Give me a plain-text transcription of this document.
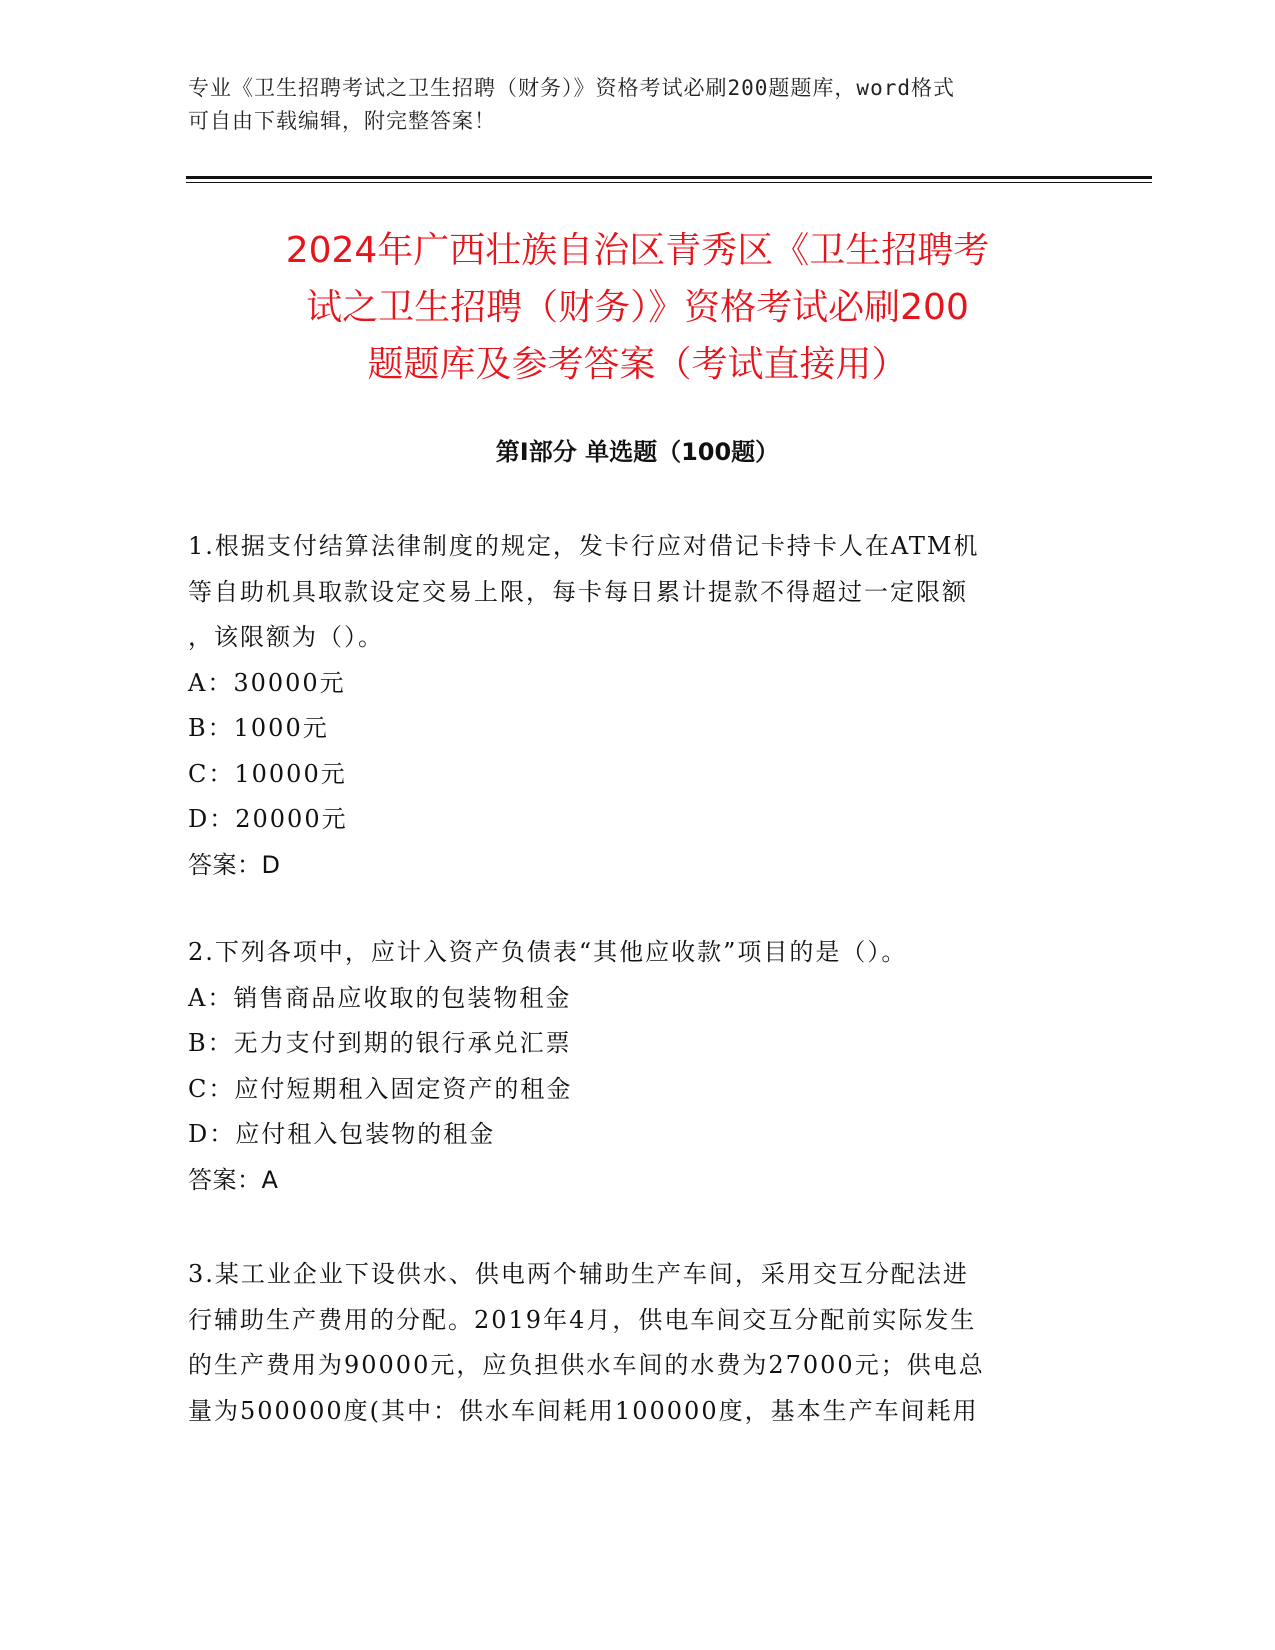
专业《卫生招聘考试之卫生招聘（财务）》资格考试必刷200题题库，word格式
可自由下载编辑，附完整答案！
2024年广西壮族自治区青秀区《卫生招聘考
试之卫生招聘（财务）》资格考试必刷200
题题库及参考答案（考试直接用）
第Ⅰ部分 单选题（100题）

1.根据支付结算法律制度的规定，发卡行应对借记卡持卡人在ATM机

等自助机具取款设定交易上限，每卡每日累计提款不得超过一定限额

，该限额为（）。

A：30000元

B：1000元

C：10000元

D：20000元

答案：D

2.下列各项中，应计入资产负债表“其他应收款”项目的是（）。

A：销售商品应收取的包装物租金

B：无力支付到期的银行承兑汇票

C：应付短期租入固定资产的租金

D：应付租入包装物的租金

答案：A

3.某工业企业下设供水、供电两个辅助生产车间，采用交互分配法进

行辅助生产费用的分配。2019年4月，供电车间交互分配前实际发生

的生产费用为90000元，应负担供水车间的水费为27000元；供电总

量为500000度(其中：供水车间耗用100000度，基本生产车间耗用
